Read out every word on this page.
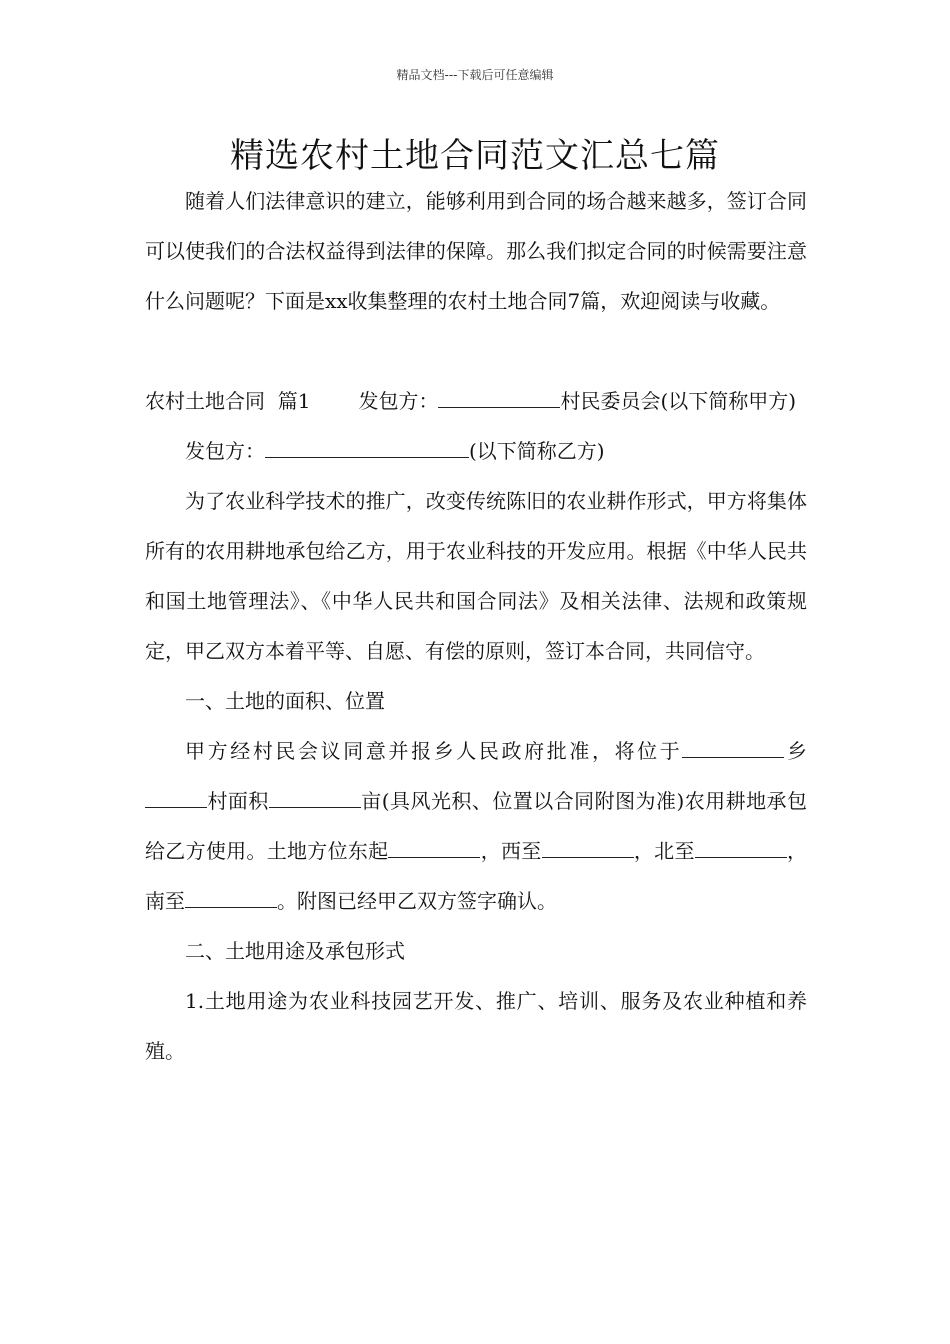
精品文档---下载后可任意编辑
精选农村土地合同范文汇总七篇

随着人们法律意识的建立，能够利用到合同的场合越来越多，签订合同可以使我们的合法权益得到法律的保障。那么我们拟定合同的时候需要注意什么问题呢？下面是xx收集整理的农村土地合同7篇，欢迎阅读与收藏。

农村土地合同  篇1 发包方：	村民委员会(以下简称甲方)

发包方：	(以下简称乙方)

为了农业科学技术的推广，改变传统陈旧的农业耕作形式，甲方将集体所有的农用耕地承包给乙方，用于农业科技的开发应用。根据《中华人民共和国土地管理法》、《中华人民共和国合同法》及相关法律、法规和政策规定，甲乙双方本着平等、自愿、有偿的原则，签订本合同，共同信守。

一、土地的面积、位置

甲方经村民会议同意并报乡人民政府批准，将位于	乡村面积	亩(具风光积、位置以合同附图为准)农用耕地承包给乙方使用。土地方位东起	，西至	，北至	，南至	。附图已经甲乙双方签字确认。

二、土地用途及承包形式

1.土地用途为农业科技园艺开发、推广、培训、服务及农业种植和养殖。
